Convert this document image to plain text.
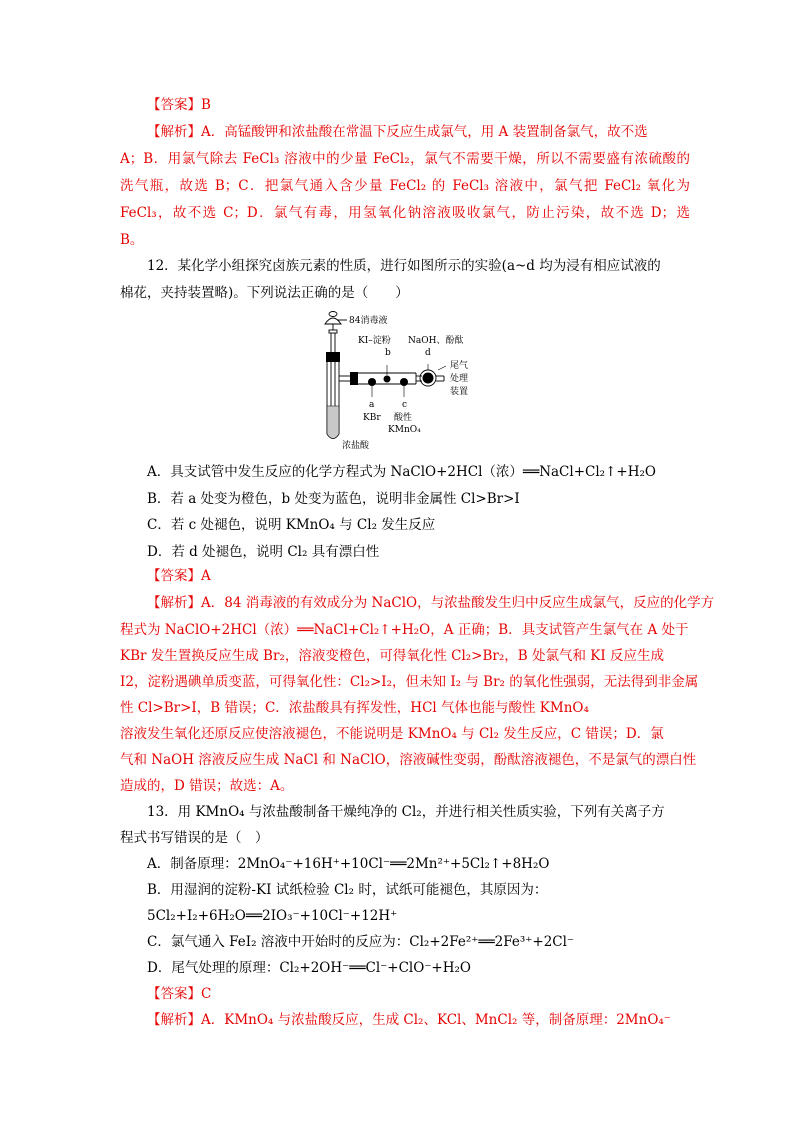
【答案】B
【解析】A．高锰酸钾和浓盐酸在常温下反应生成氯气，用 A 装置制备氯气，故不选
A；B．用氯气除去 FeCl₃ 溶液中的少量 FeCl₂，氯气不需要干燥，所以不需要盛有浓硫酸的
洗气瓶，故选 B；C．把氯气通入含少量 FeCl₂ 的 FeCl₃ 溶液中，氯气把 FeCl₂ 氧化为
FeCl₃，故不选 C；D．氯气有毒，用氢氧化钠溶液吸收氯气，防止污染，故不选 D；选
B。
12．某化学小组探究卤族元素的性质，进行如图所示的实验(a~d 均为浸有相应试液的
棉花，夹持装置略)。下列说法正确的是（　　）
84消毒液
浓盐酸
KI–淀粉
b
NaOH、酚酞
d
尾气
处理
装置
a
KBr
c
酸性
KMnO₄
A．具支试管中发生反应的化学方程式为 NaClO+2HCl（浓）══NaCl+Cl₂↑+H₂O
B．若 a 处变为橙色，b 处变为蓝色，说明非金属性 Cl>Br>I
C．若 c 处褪色，说明 KMnO₄ 与 Cl₂ 发生反应
D．若 d 处褪色，说明 Cl₂ 具有漂白性
【答案】A
【解析】A．84 消毒液的有效成分为 NaClO，与浓盐酸发生归中反应生成氯气，反应的化学方
程式为 NaClO+2HCl（浓）══NaCl+Cl₂↑+H₂O，A 正确；B．具支试管产生氯气在 A 处于
KBr 发生置换反应生成 Br₂，溶液变橙色，可得氧化性 Cl₂>Br₂，B 处氯气和 KI 反应生成
I2，淀粉遇碘单质变蓝，可得氧化性：Cl₂>I₂，但未知 I₂ 与 Br₂ 的氧化性强弱，无法得到非金属
性 Cl>Br>I，B 错误；C．浓盐酸具有挥发性，HCl 气体也能与酸性 KMnO₄
溶液发生氧化还原反应使溶液褪色，不能说明是 KMnO₄ 与 Cl₂ 发生反应，C 错误；D．氯
气和 NaOH 溶液反应生成 NaCl 和 NaClO，溶液碱性变弱，酚酞溶液褪色，不是氯气的漂白性
造成的，D 错误；故选：A。
13．用 KMnO₄ 与浓盐酸制备干燥纯净的 Cl₂，并进行相关性质实验，下列有关离子方
程式书写错误的是（　）
A．制备原理：2MnO₄⁻+16H⁺+10Cl⁻══2Mn²⁺+5Cl₂↑+8H₂O
B．用湿润的淀粉-KI 试纸检验 Cl₂ 时，试纸可能褪色，其原因为：
5Cl₂+I₂+6H₂O══2IO₃⁻+10Cl⁻+12H⁺
C．氯气通入 FeI₂ 溶液中开始时的反应为：Cl₂+2Fe²⁺══2Fe³⁺+2Cl⁻
D．尾气处理的原理：Cl₂+2OH⁻══Cl⁻+ClO⁻+H₂O
【答案】C
【解析】A．KMnO₄ 与浓盐酸反应，生成 Cl₂、KCl、MnCl₂ 等，制备原理：2MnO₄⁻
